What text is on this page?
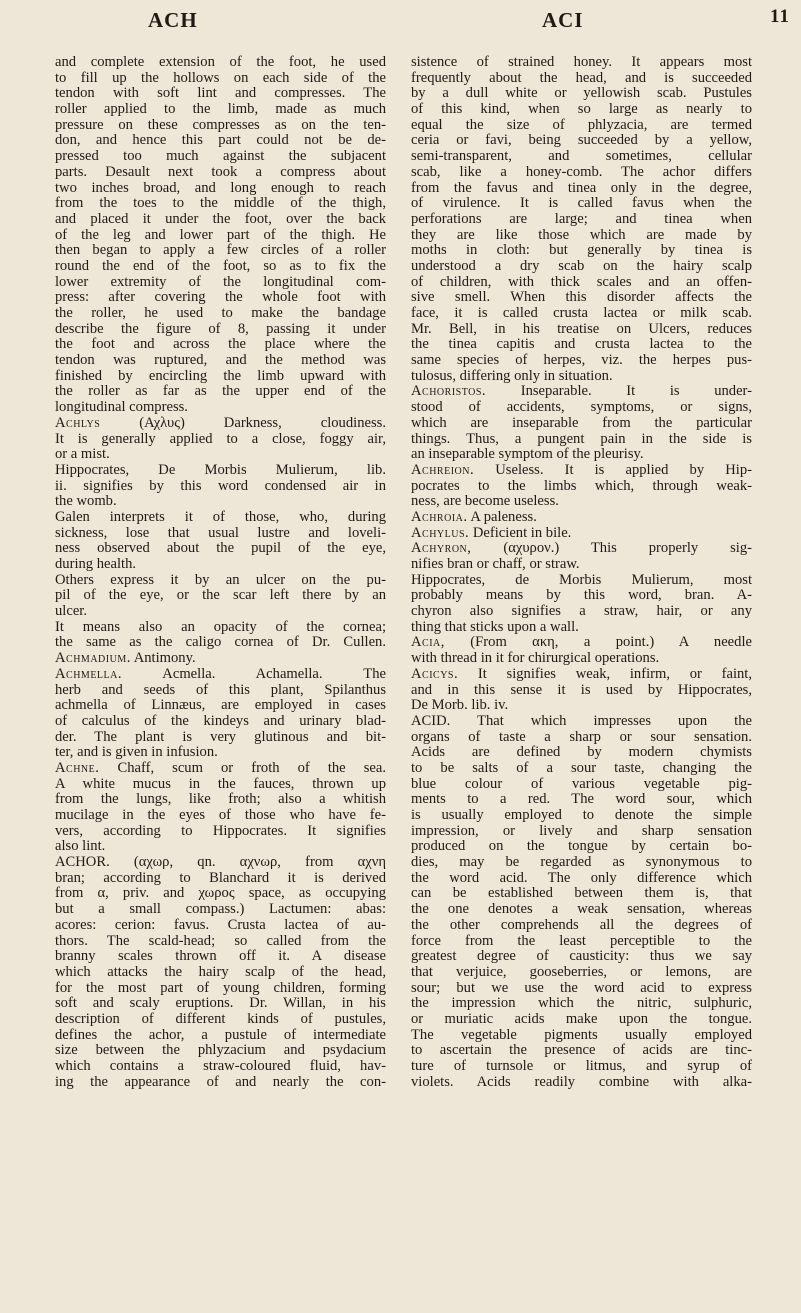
ACH	ACI	11
and complete extension of the foot, he used
to fill up the hollows on each side of the
tendon with soft lint and compresses. The
roller applied to the limb, made as much
pressure on these compresses as on the ten-
don, and hence this part could not be de-
pressed too much against the subjacent
parts. Desault next took a compress about
two inches broad, and long enough to reach
from the toes to the middle of the thigh,
and placed it under the foot, over the back
of the leg and lower part of the thigh. He
then began to apply a few circles of a roller
round the end of the foot, so as to fix the
lower extremity of the longitudinal com-
press: after covering the whole foot with
the roller, he used to make the bandage
describe the figure of 8, passing it under
the foot and across the place where the
tendon was ruptured, and the method was
finished by encircling the limb upward with
the roller as far as the upper end of the
longitudinal compress.
Achlys (Αχλυς) Darkness, cloudiness.
It is generally applied to a close, foggy air,
or a mist.
Hippocrates, De Morbis Mulierum, lib.
ii. signifies by this word condensed air in
the womb.
Galen interprets it of those, who, during
sickness, lose that usual lustre and loveli-
ness observed about the pupil of the eye,
during health.
Others express it by an ulcer on the pu-
pil of the eye, or the scar left there by an
ulcer.
It means also an opacity of the cornea;
the same as the caligo cornea of Dr. Cullen.
Achmadium. Antimony.
Achmella. Acmella. Achamella. The
herb and seeds of this plant, Spilanthus
achmella of Linnæus, are employed in cases
of calculus of the kindeys and urinary blad-
der. The plant is very glutinous and bit-
ter, and is given in infusion.
Achne. Chaff, scum or froth of the sea.
A white mucus in the fauces, thrown up
from the lungs, like froth; also a whitish
mucilage in the eyes of those who have fe-
vers, according to Hippocrates. It signifies
also lint.
ACHOR. (αχωρ, qn. αχνωρ, from αχνη
bran; according to Blanchard it is derived
from α, priv. and χωρος space, as occupying
but a small compass.) Lactumen: abas:
acores: cerion: favus. Crusta lactea of au-
thors. The scald-head; so called from the
branny scales thrown off it. A disease
which attacks the hairy scalp of the head,
for the most part of young children, forming
soft and scaly eruptions. Dr. Willan, in his
description of different kinds of pustules,
defines the achor, a pustule of intermediate
size between the phlyzacium and psydacium
which contains a straw-coloured fluid, hav-
ing the appearance of and nearly the con-
sistence of strained honey. It appears most
frequently about the head, and is succeeded
by a dull white or yellowish scab. Pustules
of this kind, when so large as nearly to
equal the size of phlyzacia, are termed
ceria or favi, being succeeded by a yellow,
semi-transparent, and sometimes, cellular
scab, like a honey-comb. The achor differs
from the favus and tinea only in the degree,
of virulence. It is called favus when the
perforations are large; and tinea when
they are like those which are made by
moths in cloth: but generally by tinea is
understood a dry scab on the hairy scalp
of children, with thick scales and an offen-
sive smell. When this disorder affects the
face, it is called crusta lactea or milk scab.
Mr. Bell, in his treatise on Ulcers, reduces
the tinea capitis and crusta lactea to the
same species of herpes, viz. the herpes pus-
tulosus, differing only in situation.
Achoristos. Inseparable. It is under-
stood of accidents, symptoms, or signs,
which are inseparable from the particular
things. Thus, a pungent pain in the side is
an inseparable symptom of the pleurisy.
Achreion. Useless. It is applied by Hip-
pocrates to the limbs which, through weak-
ness, are become useless.
Achroia. A paleness.
Achylus. Deficient in bile.
Achyron, (αχυρον.) This properly sig-
nifies bran or chaff, or straw.
Hippocrates, de Morbis Mulierum, most
probably means by this word, bran. A-
chyron also signifies a straw, hair, or any
thing that sticks upon a wall.
Acia, (From ακη, a point.) A needle
with thread in it for chirurgical operations.
Acicys. It signifies weak, infirm, or faint,
and in this sense it is used by Hippocrates,
De Morb. lib. iv.
ACID. That which impresses upon the
organs of taste a sharp or sour sensation.
Acids are defined by modern chymists
to be salts of a sour taste, changing the
blue colour of various vegetable pig-
ments to a red. The word sour, which
is usually employed to denote the simple
impression, or lively and sharp sensation
produced on the tongue by certain bo-
dies, may be regarded as synonymous to
the word acid. The only difference which
can be established between them is, that
the one denotes a weak sensation, whereas
the other comprehends all the degrees of
force from the least perceptible to the
greatest degree of causticity: thus we say
that verjuice, gooseberries, or lemons, are
sour; but we use the word acid to express
the impression which the nitric, sulphuric,
or muriatic acids make upon the tongue.
The vegetable pigments usually employed
to ascertain the presence of acids are tinc-
ture of turnsole or litmus, and syrup of
violets. Acids readily combine with alka-
